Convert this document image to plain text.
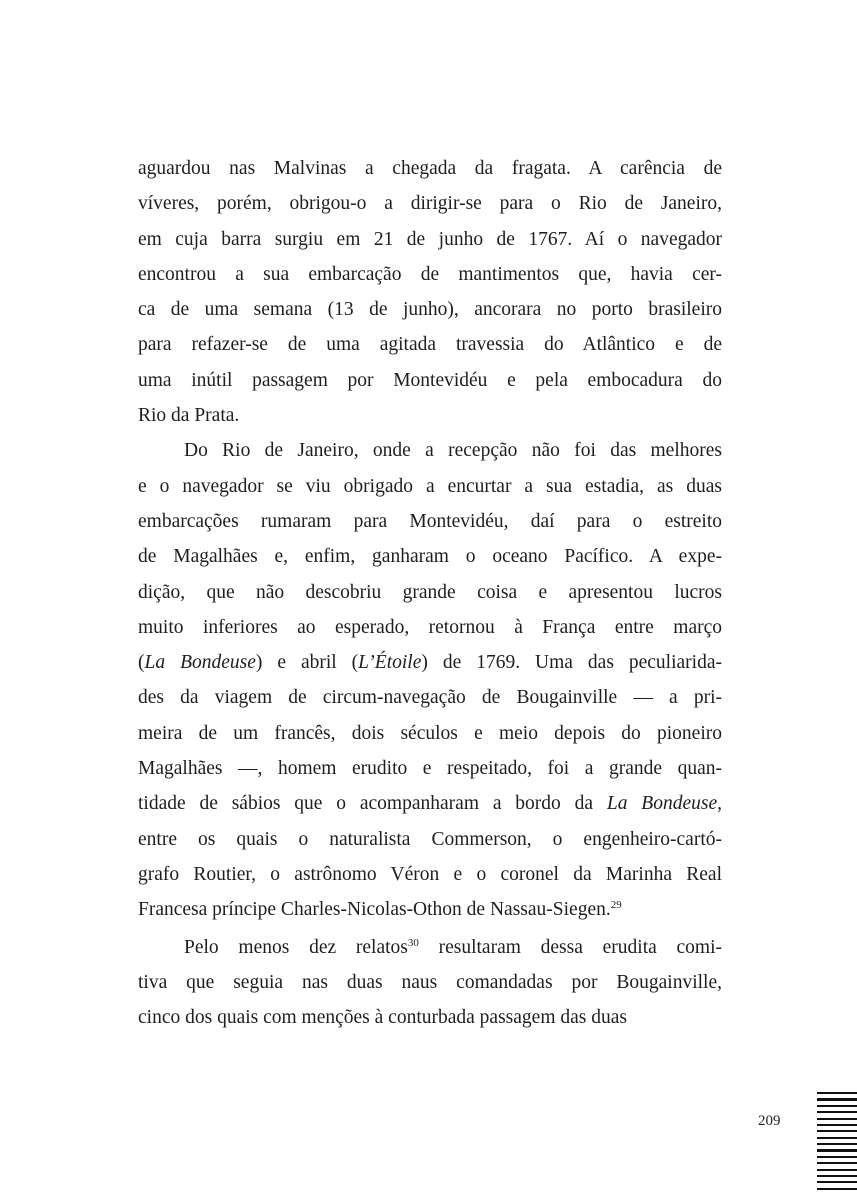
aguardou nas Malvinas a chegada da fragata. A carência de
víveres, porém, obrigou-o a dirigir-se para o Rio de Janeiro,
em cuja barra surgiu em 21 de junho de 1767. Aí o navegador
encontrou a sua embarcação de mantimentos que, havia cer-
ca de uma semana (13 de junho), ancorara no porto brasileiro
para refazer-se de uma agitada travessia do Atlântico e de
uma inútil passagem por Montevidéu e pela embocadura do
Rio da Prata.
Do Rio de Janeiro, onde a recepção não foi das melhores
e o navegador se viu obrigado a encurtar a sua estadia, as duas
embarcações rumaram para Montevidéu, daí para o estreito
de Magalhães e, enfim, ganharam o oceano Pacífico. A expe-
dição, que não descobriu grande coisa e apresentou lucros
muito inferiores ao esperado, retornou à França entre março
(La Bondeuse) e abril (L’Étoile) de 1769. Uma das peculiarida-
des da viagem de circum-navegação de Bougainville — a pri-
meira de um francês, dois séculos e meio depois do pioneiro
Magalhães —, homem erudito e respeitado, foi a grande quan-
tidade de sábios que o acompanharam a bordo da La Bondeuse,
entre os quais o naturalista Commerson, o engenheiro-cartó-
grafo Routier, o astrônomo Véron e o coronel da Marinha Real
Francesa príncipe Charles-Nicolas-Othon de Nassau-Siegen.$^{29}$
Pelo menos dez relatos$^{30}$ resultaram dessa erudita comi-
tiva que seguia nas duas naus comandadas por Bougainville,
cinco dos quais com menções à conturbada passagem das duas
209
